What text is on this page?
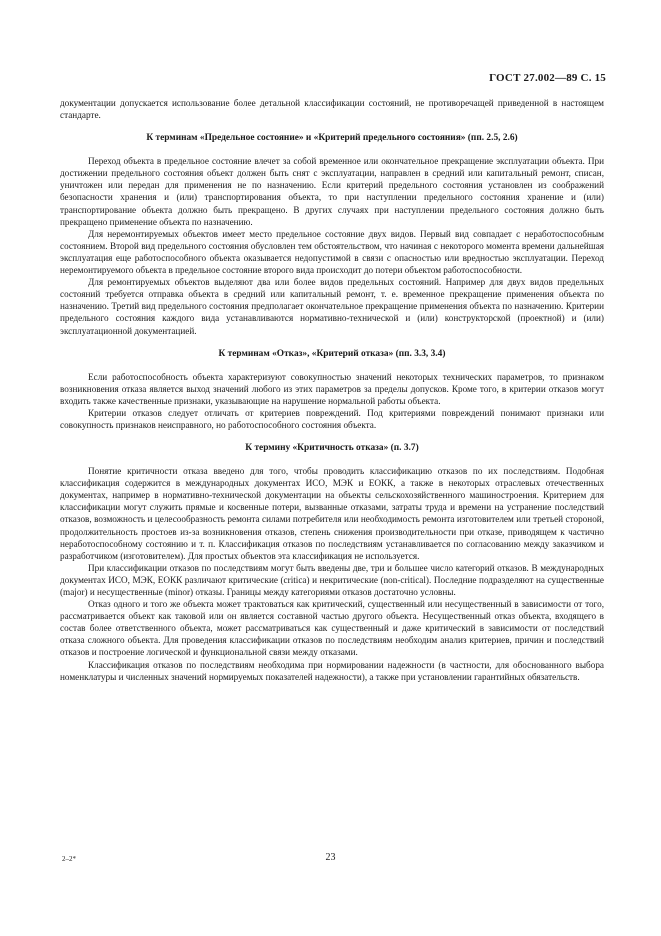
ГОСТ 27.002—89 С. 15

документации допускается использование более детальной классификации состояний, не противоречащей приведенной в настоящем стандарте.

К терминам «Предельное состояние» и «Критерий предельного состояния» (пп. 2.5, 2.6)

Переход объекта в предельное состояние влечет за собой временное или окончательное прекращение эксплуатации объекта. При достижении предельного состояния объект должен быть снят с эксплуатации, направлен в средний или капитальный ремонт, списан, уничтожен или передан для применения не по назначению. Если критерий предельного состояния установлен из соображений безопасности хранения и (или) транспортирования объекта, то при наступлении предельного состояния хранение и (или) транспортирование объекта должно быть прекращено. В других случаях при наступлении предельного состояния должно быть прекращено применение объекта по назначению.

Для неремонтируемых объектов имеет место предельное состояние двух видов. Первый вид совпадает с неработоспособным состоянием. Второй вид предельного состояния обусловлен тем обстоятельством, что начиная с некоторого момента времени дальнейшая эксплуатация еще работоспособного объекта оказывается недопустимой в связи с опасностью или вредностью эксплуатации. Переход неремонтируемого объекта в предельное состояние второго вида происходит до потери объектом работоспособности.

Для ремонтируемых объектов выделяют два или более видов предельных состояний. Например для двух видов предельных состояний требуется отправка объекта в средний или капитальный ремонт, т. е. временное прекращение применения объекта по назначению. Третий вид предельного состояния предполагает окончательное прекращение применения объекта по назначению. Критерии предельного состояния каждого вида устанавливаются нормативно-технической и (или) конструкторской (проектной) и (или) эксплуатационной документацией.

К терминам «Отказ», «Критерий отказа» (пп. 3.3, 3.4)

Если работоспособность объекта характеризуют совокупностью значений некоторых технических параметров, то признаком возникновения отказа является выход значений любого из этих параметров за пределы допусков. Кроме того, в критерии отказов могут входить также качественные признаки, указывающие на нарушение нормальной работы объекта.

Критерии отказов следует отличать от критериев повреждений. Под критериями повреждений понимают признаки или совокупность признаков неисправного, но работоспособного состояния объекта.

К термину «Критичность отказа» (п. 3.7)

Понятие критичности отказа введено для того, чтобы проводить классификацию отказов по их последствиям. Подобная классификация содержится в международных документах ИСО, МЭК и ЕОКК, а также в некоторых отраслевых отечественных документах, например в нормативно-технической документации на объекты сельскохозяйственного машиностроения. Критерием для классификации могут служить прямые и косвенные потери, вызванные отказами, затраты труда и времени на устранение последствий отказов, возможность и целесообразность ремонта силами потребителя или необходимость ремонта изготовителем или третьей стороной, продолжительность простоев из-за возникновения отказов, степень снижения производительности при отказе, приводящем к частично неработоспособному состоянию и т. п. Классификация отказов по последствиям устанавливается по согласованию между заказчиком и разработчиком (изготовителем). Для простых объектов эта классификация не используется.

При классификации отказов по последствиям могут быть введены две, три и большее число категорий отказов. В международных документах ИСО, МЭК, ЕОКК различают критические (critica) и некритические (non-critical). Последние подразделяют на существенные (major) и несущественные (minor) отказы. Границы между категориями отказов достаточно условны.

Отказ одного и того же объекта может трактоваться как критический, существенный или несущественный в зависимости от того, рассматривается объект как таковой или он является составной частью другого объекта. Несущественный отказ объекта, входящего в состав более ответственного объекта, может рассматриваться как существенный и даже критический в зависимости от последствий отказа сложного объекта. Для проведения классификации отказов по последствиям необходим анализ критериев, причин и последствий отказов и построение логической и функциональной связи между отказами.

Классификация отказов по последствиям необходима при нормировании надежности (в частности, для обоснованного выбора номенклатуры и численных значений нормируемых показателей надежности), а также при установлении гарантийных обязательств.

2–2*	23
